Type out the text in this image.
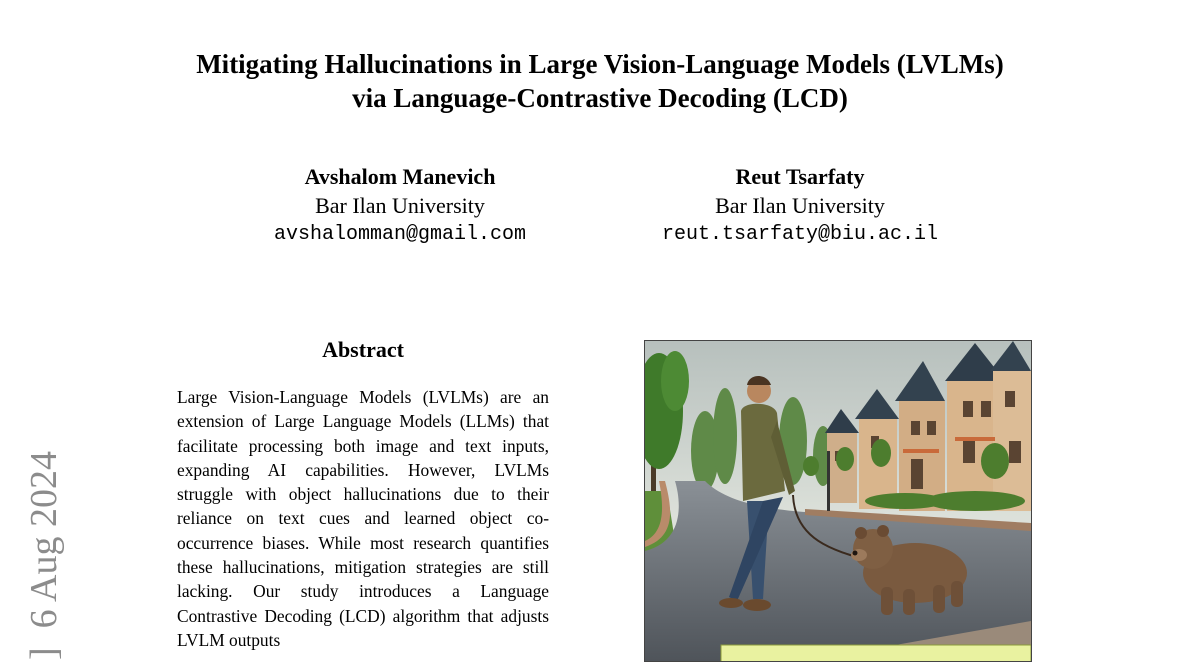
Mitigating Hallucinations in Large Vision-Language Models (LVLMs)
via Language-Contrastive Decoding (LCD)
Avshalom Manevich
Bar Ilan University
avshalomman@gmail.com
Reut Tsarfaty
Bar Ilan University
reut.tsarfaty@biu.ac.il
Abstract
Large Vision-Language Models (LVLMs) are an extension of Large Language Models (LLMs) that facilitate processing both image and text inputs, expanding AI capabilities. However, LVLMs struggle with object hallucinations due to their reliance on text cues and learned object co-occurrence biases. While most research quantifies these hallucinations, mitigation strategies are still lacking. Our study introduces a Language Contrastive Decoding (LCD) algorithm that adjusts LVLM outputs
]  6 Aug 2024
